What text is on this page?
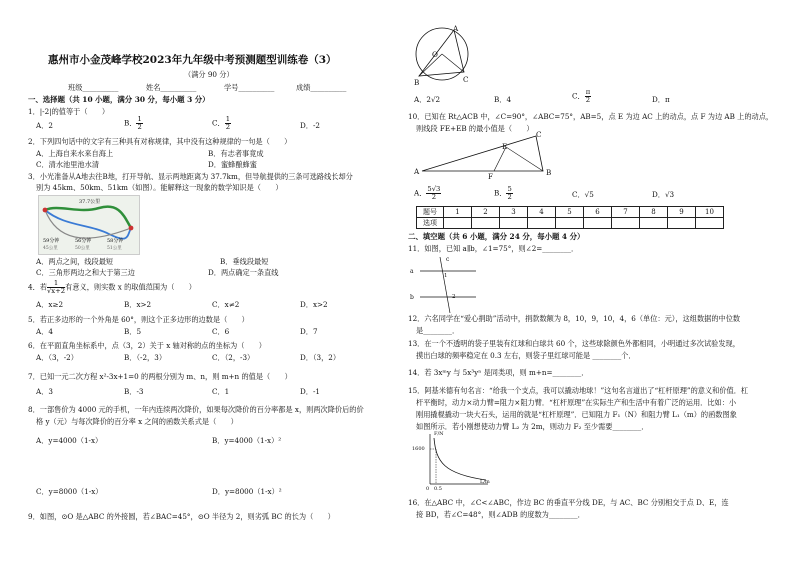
惠州市小金茂峰学校2023年九年级中考预测题型训练卷（3）
（满分 90 分）
班级__________	姓名__________	学号__________	成绩__________
一、选择题（共 10 小题，满分 30 分，每小题 3 分）
1．|-2|的值等于（　　）
A．2	B． $\frac{1}{2}$	C． $\frac{1}{2}$	D．-2
2．下列四句话中的文字有三种具有对称规律，其中没有这种规律的一句是（　　）
A．上海自来水来自海上	B．有志者事竟成
C．清水池里池水清	D．蜜蜂酿蜂蜜
3．小光准备从A地去往B地，打开导航、显示两地距离为 37.7km，但导航提供的三条可选路线长却分
别为 45km、50km、51km（如图）。能解释这一现象的数学知识是（　　）
37.7公里
59分钟
45公里
56分钟
50公里
58分钟
51公里
A．两点之间，线段最短	B．垂线段最短
C．三角形两边之和大于第三边	D．两点确定一条直线
4．若 $\frac{1}{√x+2}$ 有意义，则实数 x 的取值范围为（　　）
A．x≥2	B．x>2	C．x≠2	D．x>2
5．若正多边形的一个外角是 60°，则这个正多边形的边数是（　　）
A．4	B．5	C．6	D．7
6．在平面直角坐标系中，点（3，2）关于 x 轴对称的点的坐标为（　　）
A．（3，-2）	B．（-2，3）	C．（2，-3）	D．（3，2）
7．已知一元二次方程 x²-3x+1=0 的两根分别为 m、n，则 m+n 的值是（　　）
A．3	B．-3	C．1	D．-1
8．一部售价为 4000 元的手机，一年内连续两次降价，如果每次降价的百分率都是 x，则两次降价后的价
格 y（元）与每次降价的百分率 x 之间的函数关系式是（　　）
A．y=4000（1-x）	B．y=4000（1-x）²
C．y=8000（1-x）	D．y=8000（1-x）²
9．如图，⊙O 是△ABC 的外接圆，若∠BAC=45°，⊙O 半径为 2，则劣弧 BC 的长为（　　）
A
O
B	C
A．2√2	B．4	C． $\frac{\pi}{2}$	D．π
10．已知在 Rt△ACB 中，∠C=90°，∠ABC=75°，AB=5，点 E 为边 AC 上的动点，点 F 为边 AB 上的动点，
则线段 FE+EB 的最小值是（　　）
A	B
C
E
F
A． $\frac{5√3}{2}$	B． $\frac{5}{2}$	C．√5	D．√3
题号	1	2	3	4	5	6	7	8	9	10
选项										
二、填空题（共 6 小题，满分 24 分，每小题 4 分）
11．如图，已知 a∥b，∠1=75°，则∠2=________．
a
b
c
1
2
12．六名同学在“爱心捐助”活动中，捐款数额为 8，10，9，10，4，6（单位：元），这组数据的中位数
是________．
13．在一个不透明的袋子里装有红球和白球共 60 个，这些球除颜色外都相同，小明通过多次试验发现，
摸出白球的频率稳定在 0.3 左右，则袋子里红球可能是 ________个．
14．若 3xᵐy 与 5x³yⁿ 是同类项，则 m+n=________．
15．阿基米德有句名言：“给我一个支点，我可以撬动地球！”这句名言道出了“杠杆原理”的意义和价值．杠
杆平衡时，动力×动力臂=阻力×阻力臂．“杠杆原理”在实际生产和生活中有着广泛的运用．比如：小
刚用撬棍撬动一块大石头，运用的就是“杠杆原理”．已知阻力 F₁（N）和阻力臂 L₁（m）的函数图象
如图所示．若小刚想使动力臂 L₂ 为 2m，则动力 F₂ 至少需要________．
F/N
L/m
1600
0.5
0
16．在△ABC 中，∠C<∠ABC，作边 BC 的垂直平分线 DE，与 AC、BC 分别相交于点 D、E，连
接 BD，若∠C=48°，则∠ADB 的度数为________．
